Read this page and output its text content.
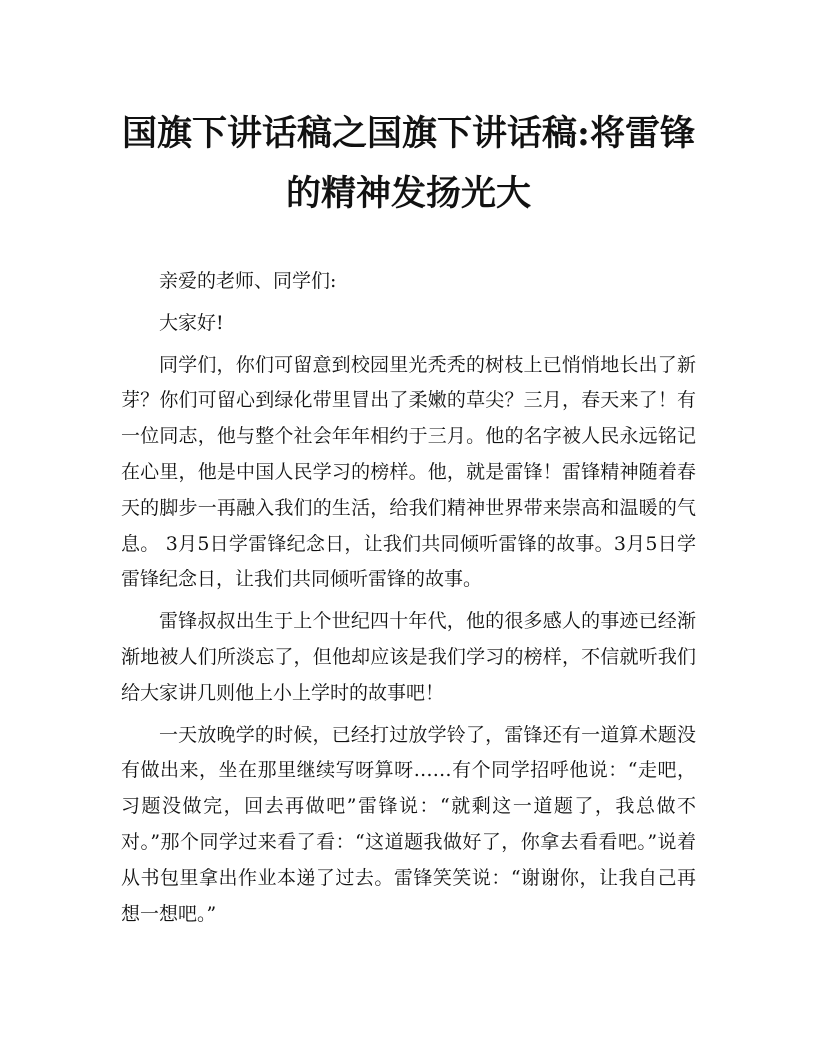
国旗下讲话稿之国旗下讲话稿:将雷锋
的精神发扬光大

亲爱的老师、同学们:

大家好!

同学们，你们可留意到校园里光秃秃的树枝上已悄悄地长出了新芽？你们可留心到绿化带里冒出了柔嫩的草尖？三月，春天来了！有一位同志，他与整个社会年年相约于三月。他的名字被人民永远铭记在心里，他是中国人民学习的榜样。他，就是雷锋！雷锋精神随着春天的脚步一再融入我们的生活，给我们精神世界带来崇高和温暖的气息。 3月5日学雷锋纪念日，让我们共同倾听雷锋的故事。3月5日学雷锋纪念日，让我们共同倾听雷锋的故事。

雷锋叔叔出生于上个世纪四十年代，他的很多感人的事迹已经渐渐地被人们所淡忘了，但他却应该是我们学习的榜样，不信就听我们给大家讲几则他上小上学时的故事吧！

一天放晚学的时候，已经打过放学铃了，雷锋还有一道算术题没有做出来，坐在那里继续写呀算呀……有个同学招呼他说：“走吧，习题没做完，回去再做吧”雷锋说：“就剩这一道题了，我总做不对。”那个同学过来看了看：“这道题我做好了，你拿去看看吧。”说着从书包里拿出作业本递了过去。雷锋笑笑说：“谢谢你，让我自己再想一想吧。”
